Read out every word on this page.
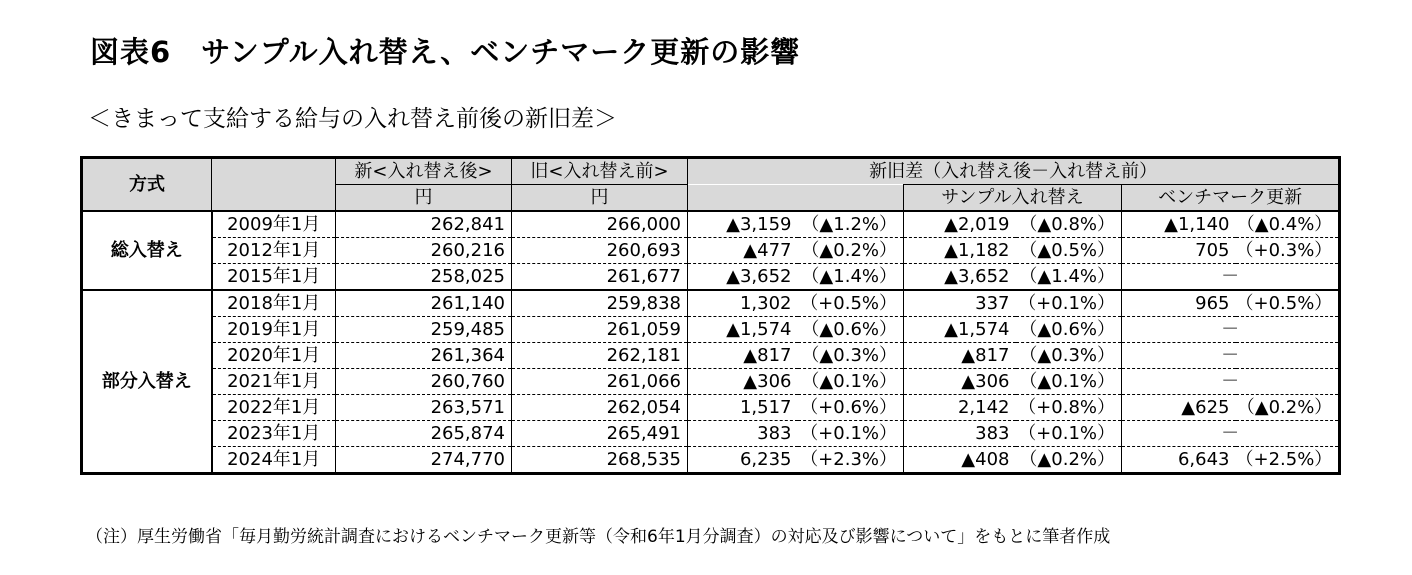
図表6　サンプル入れ替え、ベンチマーク更新の影響
＜きまって支給する給与の入れ替え前後の新旧差＞
方式		新<入れ替え後>	旧<入れ替え前>	新旧差（入れ替え後－入れ替え前）					
		円	円			サンプル入れ替え		ベンチマーク更新	
総入替え	2009年1月	262,841	266,000	▲3,159	（▲1.2%）	▲2,019	（▲0.8%）	▲1,140	（▲0.4%）
	2012年1月	260,216	260,693	▲477	（▲0.2%）	▲1,182	（▲0.5%）	705	（+0.3%）
	2015年1月	258,025	261,677	▲3,652	（▲1.4%）	▲3,652	（▲1.4%）	－	
部分入替え	2018年1月	261,140	259,838	1,302	（+0.5%）	337	（+0.1%）	965	（+0.5%）
	2019年1月	259,485	261,059	▲1,574	（▲0.6%）	▲1,574	（▲0.6%）	－	
	2020年1月	261,364	262,181	▲817	（▲0.3%）	▲817	（▲0.3%）	－	
	2021年1月	260,760	261,066	▲306	（▲0.1%）	▲306	（▲0.1%）	－	
	2022年1月	263,571	262,054	1,517	（+0.6%）	2,142	（+0.8%）	▲625	（▲0.2%）
	2023年1月	265,874	265,491	383	（+0.1%）	383	（+0.1%）	－	
	2024年1月	274,770	268,535	6,235	（+2.3%）	▲408	（▲0.2%）	6,643	（+2.5%）
（注）厚生労働省「毎月勤労統計調査におけるベンチマーク更新等（令和6年1月分調査）の対応及び影響について」をもとに筆者作成
